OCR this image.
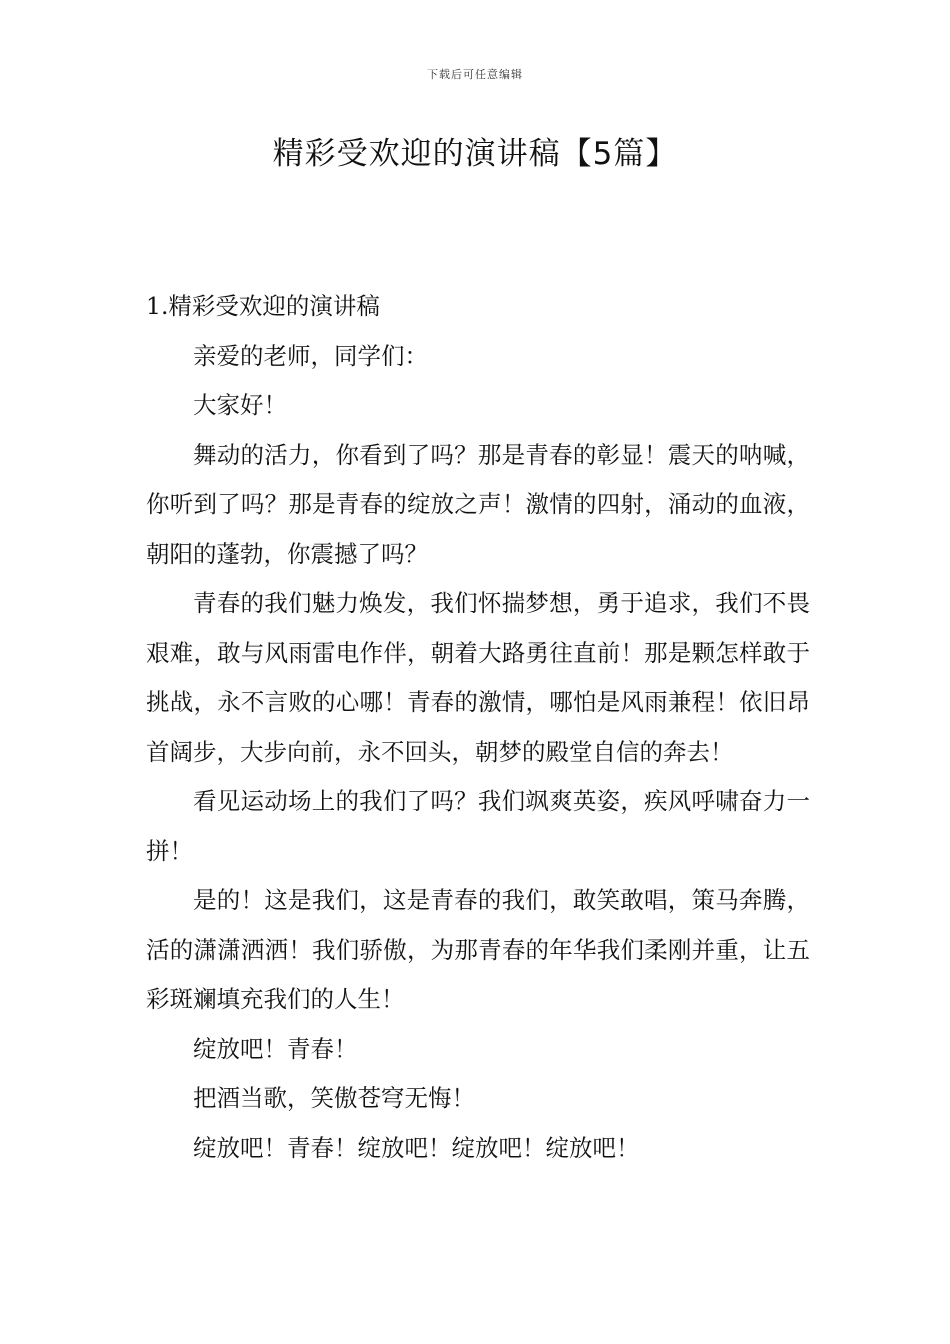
下载后可任意编辑
精彩受欢迎的演讲稿【5篇】
1.精彩受欢迎的演讲稿

亲爱的老师，同学们：

大家好！

舞动的活力，你看到了吗？那是青春的彰显！震天的呐喊，你听到了吗？那是青春的绽放之声！激情的四射，涌动的血液，朝阳的蓬勃，你震撼了吗？

青春的我们魅力焕发，我们怀揣梦想，勇于追求，我们不畏艰难，敢与风雨雷电作伴，朝着大路勇往直前！那是颗怎样敢于挑战，永不言败的心哪！青春的激情，哪怕是风雨兼程！依旧昂首阔步，大步向前，永不回头，朝梦的殿堂自信的奔去！

看见运动场上的我们了吗？我们飒爽英姿，疾风呼啸奋力一拼！

是的！这是我们，这是青春的我们，敢笑敢唱，策马奔腾，活的潇潇洒洒！我们骄傲，为那青春的年华我们柔刚并重，让五彩斑斓填充我们的人生！

绽放吧！青春！

把酒当歌，笑傲苍穹无悔！

绽放吧！青春！绽放吧！绽放吧！绽放吧！
